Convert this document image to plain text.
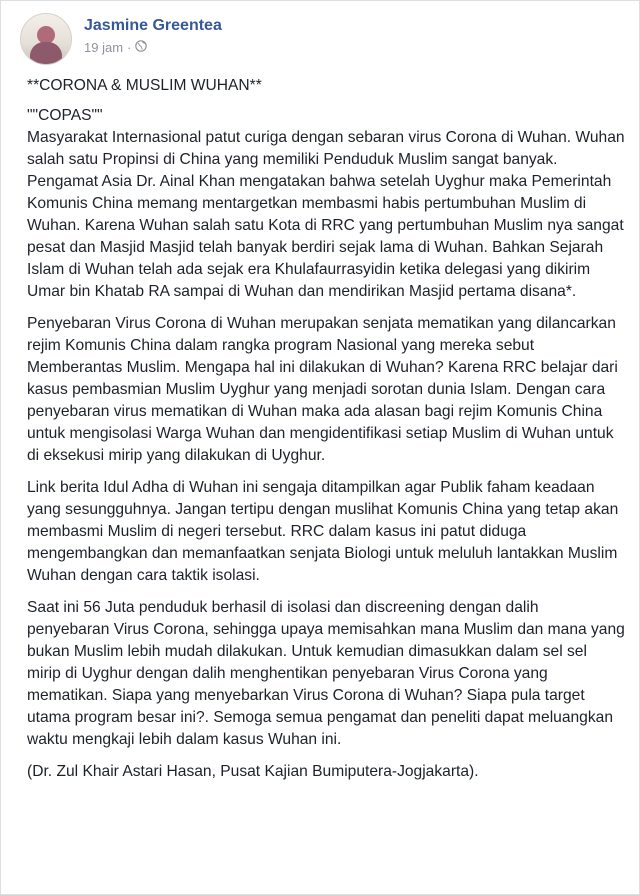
Jasmine Greentea
19 jam ·

**CORONA & MUSLIM WUHAN**

""COPAS""

Masyarakat Internasional patut curiga dengan sebaran virus Corona di Wuhan. Wuhan salah satu Propinsi di China yang memiliki Penduduk Muslim sangat banyak. Pengamat Asia Dr. Ainal Khan mengatakan bahwa setelah Uyghur maka Pemerintah Komunis China memang mentargetkan membasmi habis pertumbuhan Muslim di Wuhan. Karena Wuhan salah satu Kota di RRC yang pertumbuhan Muslim nya sangat pesat dan Masjid Masjid telah banyak berdiri sejak lama di Wuhan. Bahkan Sejarah Islam di Wuhan telah ada sejak era Khulafaurrasyidin ketika delegasi yang dikirim Umar bin Khatab RA sampai di Wuhan dan mendirikan Masjid pertama disana*.

Penyebaran Virus Corona di Wuhan merupakan senjata mematikan yang dilancarkan rejim Komunis China dalam rangka program Nasional yang mereka sebut Memberantas Muslim. Mengapa hal ini dilakukan di Wuhan? Karena RRC belajar dari kasus pembasmian Muslim Uyghur yang menjadi sorotan dunia Islam. Dengan cara penyebaran virus mematikan di Wuhan maka ada alasan bagi rejim Komunis China untuk mengisolasi Warga Wuhan dan mengidentifikasi setiap Muslim di Wuhan untuk di eksekusi mirip yang dilakukan di Uyghur.

Link berita Idul Adha di Wuhan ini sengaja ditampilkan agar Publik faham keadaan yang sesungguhnya. Jangan tertipu dengan muslihat Komunis China yang tetap akan membasmi Muslim di negeri tersebut. RRC dalam kasus ini patut diduga mengembangkan dan memanfaatkan senjata Biologi untuk meluluh lantakkan Muslim Wuhan dengan cara taktik isolasi.

Saat ini 56 Juta penduduk berhasil di isolasi dan discreening dengan dalih penyebaran Virus Corona, sehingga upaya memisahkan mana Muslim dan mana yang bukan Muslim lebih mudah dilakukan. Untuk kemudian dimasukkan dalam sel sel mirip di Uyghur dengan dalih menghentikan penyebaran Virus Corona yang mematikan. Siapa yang menyebarkan Virus Corona di Wuhan? Siapa pula target utama program besar ini?. Semoga semua pengamat dan peneliti dapat meluangkan waktu mengkaji lebih dalam kasus Wuhan ini.

(Dr. Zul Khair Astari Hasan, Pusat Kajian Bumiputera-Jogjakarta).
